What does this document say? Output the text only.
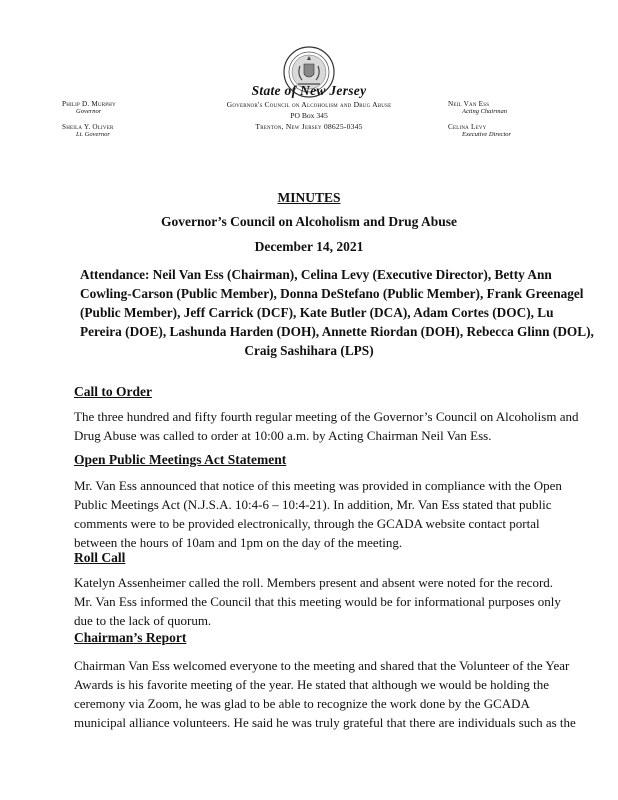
State of New Jersey
Governor's Council on Alcoholism and Drug Abuse
PO Box 345
Trenton, New Jersey 08625-0345
Philip D. Murphy
Governor
Sheila Y. Oliver
Lt. Governor
Neil Van Ess
Acting Chairman
Celina Levy
Executive Director
MINUTES
Governor’s Council on Alcoholism and Drug Abuse
December 14, 2021

Attendance: Neil Van Ess (Chairman), Celina Levy (Executive Director), Betty Ann
Cowling-Carson (Public Member), Donna DeStefano (Public Member), Frank Greenagel
(Public Member), Jeff Carrick (DCF), Kate Butler (DCA), Adam Cortes (DOC), Lu
Pereira (DOE), Lashunda Harden (DOH), Annette Riordan (DOH), Rebecca Glinn (DOL),
Craig Sashihara (LPS)

Call to Order

The three hundred and fifty fourth regular meeting of the Governor’s Council on Alcoholism and
Drug Abuse was called to order at 10:00 a.m. by Acting Chairman Neil Van Ess.

Open Public Meetings Act Statement

Mr. Van Ess announced that notice of this meeting was provided in compliance with the Open
Public Meetings Act (N.J.S.A. 10:4-6 – 10:4-21). In addition, Mr. Van Ess stated that public
comments were to be provided electronically, through the GCADA website contact portal
between the hours of 10am and 1pm on the day of the meeting.

Roll Call

Katelyn Assenheimer called the roll. Members present and absent were noted for the record.
Mr. Van Ess informed the Council that this meeting would be for informational purposes only
due to the lack of quorum.

Chairman’s Report

Chairman Van Ess welcomed everyone to the meeting and shared that the Volunteer of the Year
Awards is his favorite meeting of the year. He stated that although we would be holding the
ceremony via Zoom, he was glad to be able to recognize the work done by the GCADA
municipal alliance volunteers. He said he was truly grateful that there are individuals such as the
